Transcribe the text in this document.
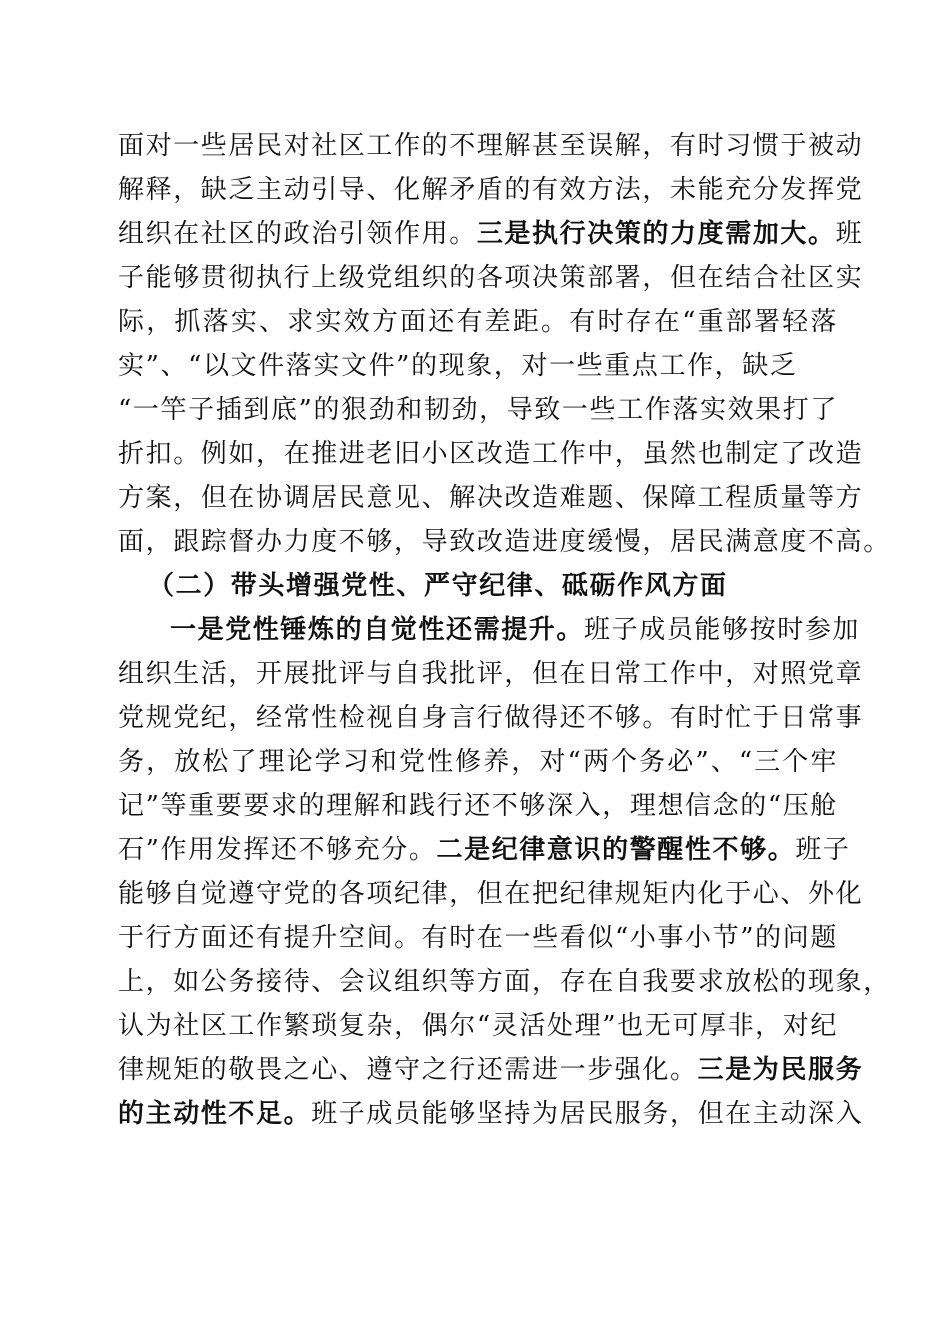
面对一些居民对社区工作的不理解甚至误解，有时习惯于被动
解释，缺乏主动引导、化解矛盾的有效方法，未能充分发挥党
组织在社区的政治引领作用。三是执行决策的力度需加大。班
子能够贯彻执行上级党组织的各项决策部署，但在结合社区实
际，抓落实、求实效方面还有差距。有时存在“重部署轻落
实”、“以文件落实文件”的现象，对一些重点工作，缺乏
“一竿子插到底”的狠劲和韧劲，导致一些工作落实效果打了
折扣。例如，在推进老旧小区改造工作中，虽然也制定了改造
方案，但在协调居民意见、解决改造难题、保障工程质量等方
面，跟踪督办力度不够，导致改造进度缓慢，居民满意度不高。
（二）带头增强党性、严守纪律、砥砺作风方面
一是党性锤炼的自觉性还需提升。班子成员能够按时参加
组织生活，开展批评与自我批评，但在日常工作中，对照党章
党规党纪，经常性检视自身言行做得还不够。有时忙于日常事
务，放松了理论学习和党性修养，对“两个务必”、“三个牢
记”等重要要求的理解和践行还不够深入，理想信念的“压舱
石”作用发挥还不够充分。二是纪律意识的警醒性不够。班子
能够自觉遵守党的各项纪律，但在把纪律规矩内化于心、外化
于行方面还有提升空间。有时在一些看似“小事小节”的问题
上，如公务接待、会议组织等方面，存在自我要求放松的现象，
认为社区工作繁琐复杂，偶尔“灵活处理”也无可厚非，对纪
律规矩的敬畏之心、遵守之行还需进一步强化。三是为民服务
的主动性不足。班子成员能够坚持为居民服务，但在主动深入
